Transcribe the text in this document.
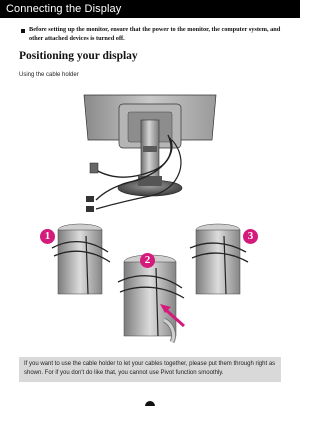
Connecting the Display
Before setting up the monitor, ensure that the power to the monitor, the computer system, and other attached devices is turned off.
Positioning your display
Using the cable holder
1
2
3
If you want to use the cable holder to let your cables together, please put them through right as shown. For if you don't do like that, you cannot use Pivot function smoothly.
